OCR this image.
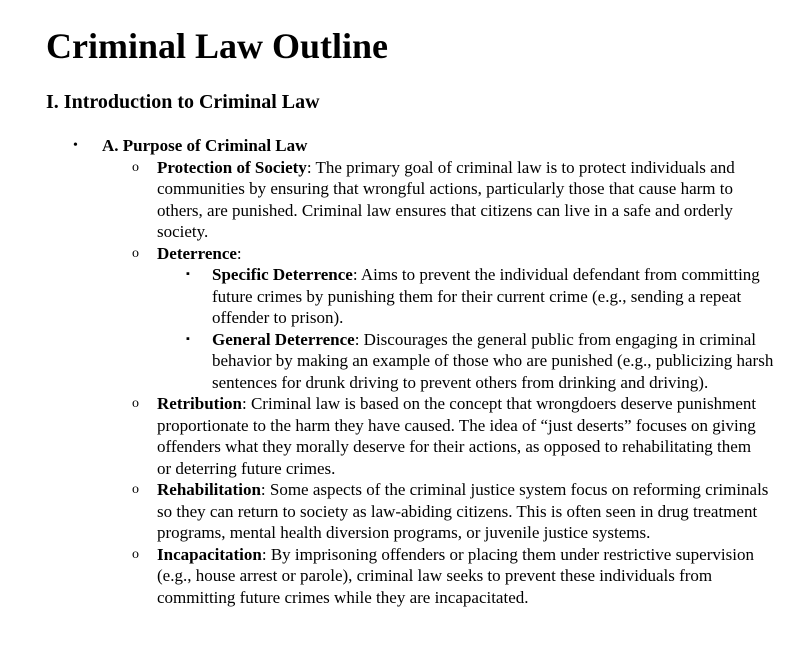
Criminal Law Outline
I. Introduction to Criminal Law
• A. Purpose of Criminal Law
o Protection of Society: The primary goal of criminal law is to protect individuals and communities by ensuring that wrongful actions, particularly those that cause harm to others, are punished. Criminal law ensures that citizens can live in a safe and orderly society.
o Deterrence:
▪ Specific Deterrence: Aims to prevent the individual defendant from committing future crimes by punishing them for their current crime (e.g., sending a repeat offender to prison).
▪ General Deterrence: Discourages the general public from engaging in criminal behavior by making an example of those who are punished (e.g., publicizing harsh sentences for drunk driving to prevent others from drinking and driving).
o Retribution: Criminal law is based on the concept that wrongdoers deserve punishment proportionate to the harm they have caused. The idea of “just deserts” focuses on giving offenders what they morally deserve for their actions, as opposed to rehabilitating them or deterring future crimes.
o Rehabilitation: Some aspects of the criminal justice system focus on reforming criminals so they can return to society as law-abiding citizens. This is often seen in drug treatment programs, mental health diversion programs, or juvenile justice systems.
o Incapacitation: By imprisoning offenders or placing them under restrictive supervision (e.g., house arrest or parole), criminal law seeks to prevent these individuals from committing future crimes while they are incapacitated.
